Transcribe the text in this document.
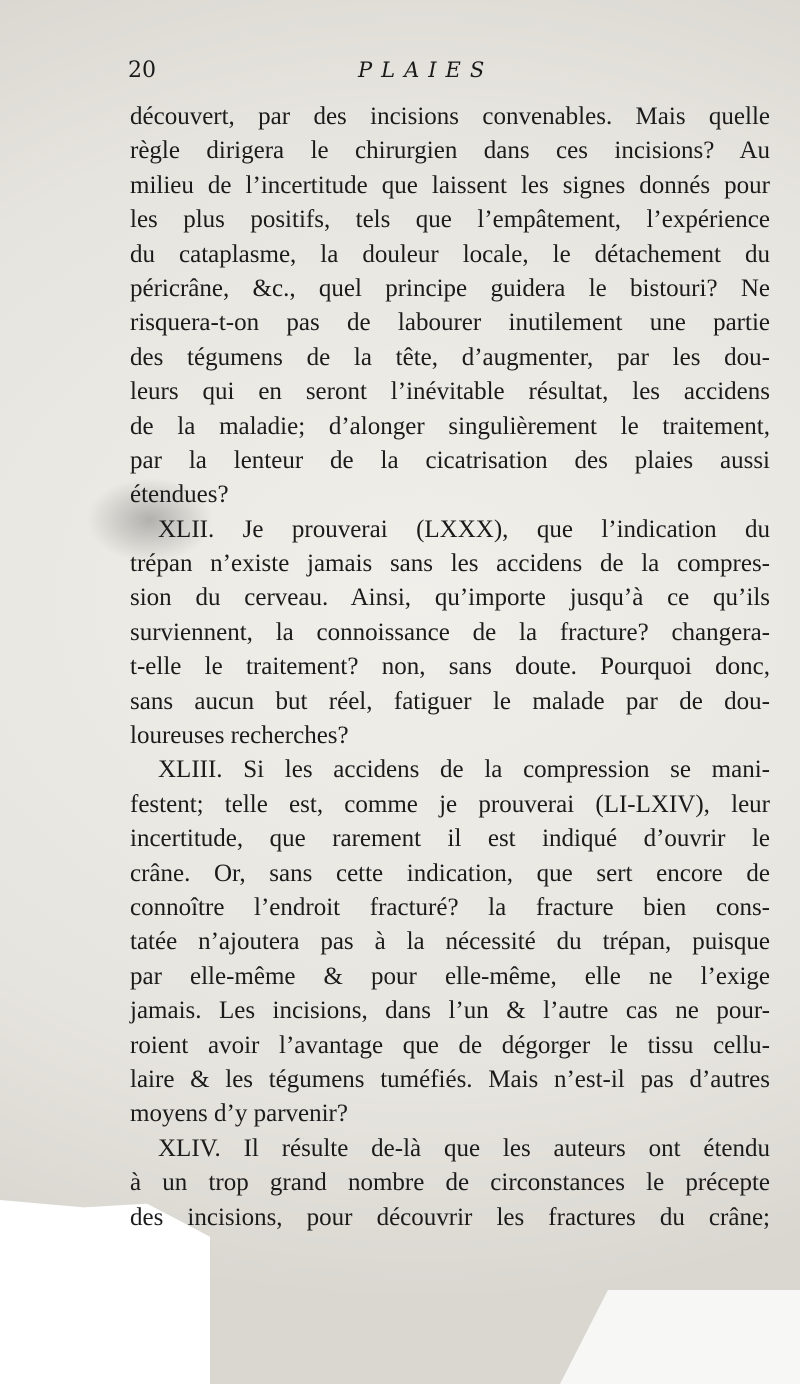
20	PLAIES
découvert, par des incisions convenables. Mais quelle
règle dirigera le chirurgien dans ces incisions? Au
milieu de l’incertitude que laissent les signes donnés pour
les plus positifs, tels que l’empâtement, l’expérience
du cataplasme, la douleur locale, le détachement du
péricrâne, &c., quel principe guidera le bistouri? Ne
risquera-t-on pas de labourer inutilement une partie
des tégumens de la tête, d’augmenter, par les dou-
leurs qui en seront l’inévitable résultat, les accidens
de la maladie; d’alonger singulièrement le traitement,
par la lenteur de la cicatrisation des plaies aussi
étendues?
XLII. Je prouverai (LXXX), que l’indication du
trépan n’existe jamais sans les accidens de la compres-
sion du cerveau. Ainsi, qu’importe jusqu’à ce qu’ils
surviennent, la connoissance de la fracture? changera-
t-elle le traitement? non, sans doute. Pourquoi donc,
sans aucun but réel, fatiguer le malade par de dou-
loureuses recherches?
XLIII. Si les accidens de la compression se mani-
festent; telle est, comme je prouverai (LI-LXIV), leur
incertitude, que rarement il est indiqué d’ouvrir le
crâne. Or, sans cette indication, que sert encore de
connoître l’endroit fracturé? la fracture bien cons-
tatée n’ajoutera pas à la nécessité du trépan, puisque
par elle-même & pour elle-même, elle ne l’exige
jamais. Les incisions, dans l’un & l’autre cas ne pour-
roient avoir l’avantage que de dégorger le tissu cellu-
laire & les tégumens tuméfiés. Mais n’est-il pas d’autres
moyens d’y parvenir?
XLIV. Il résulte de-là que les auteurs ont étendu
à un trop grand nombre de circonstances le précepte
des incisions, pour découvrir les fractures du crâne;
